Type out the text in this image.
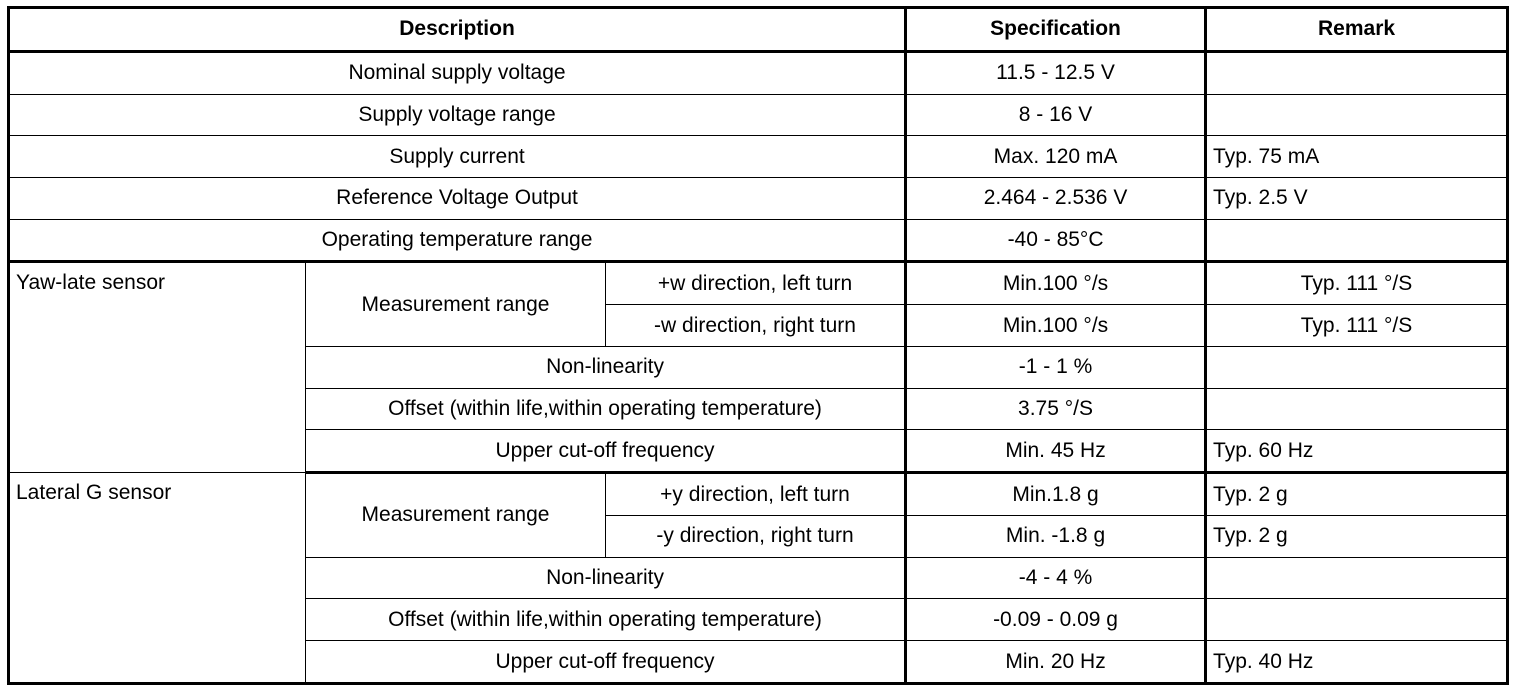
Description			Specification	Remark
Nominal supply voltage			11.5 - 12.5 V	
Supply voltage range			8 - 16 V	
Supply current			Max. 120 mA	Typ. 75 mA
Reference Voltage Output			2.464 - 2.536 V	Typ. 2.5 V
Operating temperature range			-40 - 85°C	
Yaw-late sensor	Measurement range	+w direction, left turn	Min.100 °/s	Typ. 111 °/S
		-w direction, right turn	Min.100 °/s	Typ. 111 °/S
	Non-linearity		-1 - 1 %	
	Offset (within life,within operating temperature)		3.75 °/S	
	Upper cut-off frequency		Min. 45 Hz	Typ. 60 Hz
Lateral G sensor	Measurement range	+y direction, left turn	Min.1.8 g	Typ. 2 g
		-y direction, right turn	Min. -1.8 g	Typ. 2 g
	Non-linearity		-4 - 4 %	
	Offset (within life,within operating temperature)		-0.09 - 0.09 g	
	Upper cut-off frequency		Min. 20 Hz	Typ. 40 Hz
